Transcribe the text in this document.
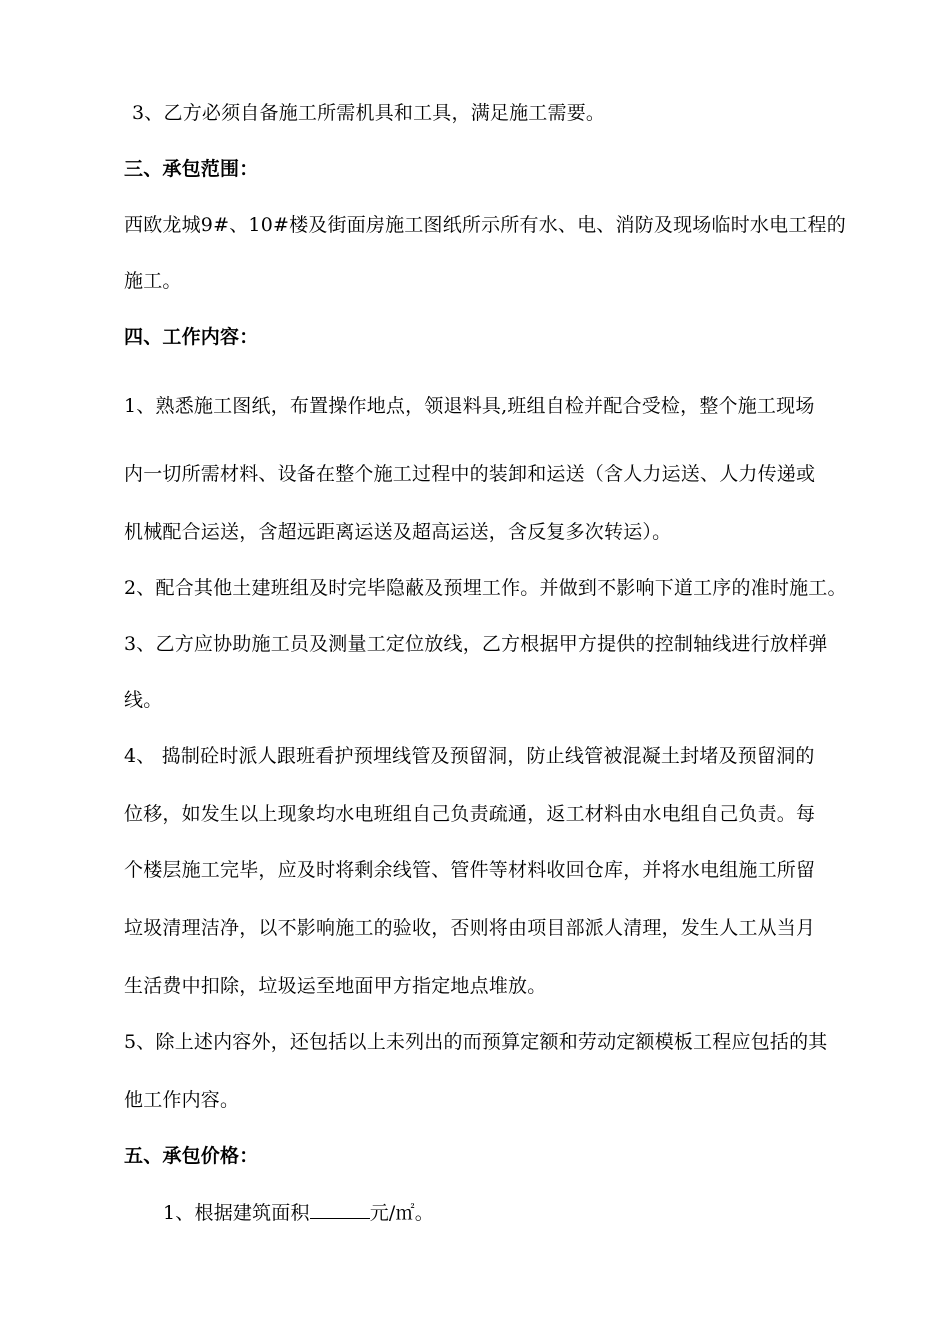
3、乙方必须自备施工所需机具和工具，满足施工需要。
三、承包范围：
西欧龙城9#、10#楼及街面房施工图纸所示所有水、电、消防及现场临时水电工程的
施工。
四、工作内容：
1、熟悉施工图纸，布置操作地点，领退料具,班组自检并配合受检，整个施工现场
内一切所需材料、设备在整个施工过程中的装卸和运送（含人力运送、人力传递或
机械配合运送，含超远距离运送及超高运送，含反复多次转运）。
2、配合其他土建班组及时完毕隐蔽及预埋工作。并做到不影响下道工序的准时施工。
3、乙方应协助施工员及测量工定位放线，乙方根据甲方提供的控制轴线进行放样弹
线。
4、 捣制砼时派人跟班看护预埋线管及预留洞，防止线管被混凝土封堵及预留洞的
位移，如发生以上现象均水电班组自己负责疏通，返工材料由水电组自己负责。每
个楼层施工完毕，应及时将剩余线管、管件等材料收回仓库，并将水电组施工所留
垃圾清理洁净，以不影响施工的验收，否则将由项目部派人清理，发生人工从当月
生活费中扣除，垃圾运至地面甲方指定地点堆放。
5、除上述内容外，还包括以上未列出的而预算定额和劳动定额模板工程应包括的其
他工作内容。
五、承包价格：
1、根据建筑面积	元/㎡。
